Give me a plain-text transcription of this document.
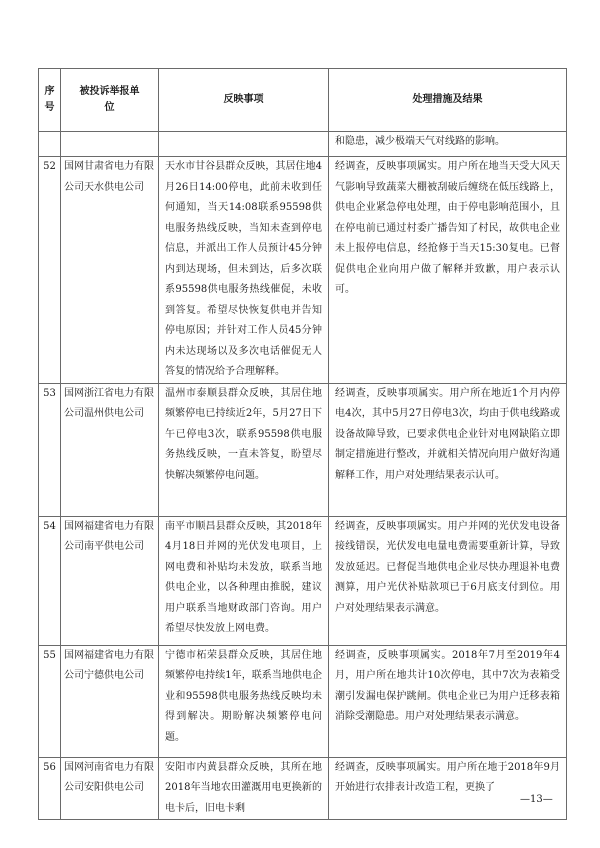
序号	被投诉举报单位	反映事项	处理措施及结果
			和隐患，减少极端天气对线路的影响。
52	国网甘肃省电力有限公司天水供电公司	天水市甘谷县群众反映，其居住地4月26日14:00停电，此前未收到任何通知，当天14:08联系95598供电服务热线反映，当知未查到停电信息，并派出工作人员预计45分钟内到达现场，但未到达，后多次联系95598供电服务热线催促，未收到答复。希望尽快恢复供电并告知停电原因；并针对工作人员45分钟内未达现场以及多次电话催促无人答复的情况给予合理解释。	经调查，反映事项属实。用户所在地当天受大风天气影响导致蔬菜大棚被刮破后缠绕在低压线路上，供电企业紧急停电处理，由于停电影响范围小，且在停电前已通过村委广播告知了村民，故供电企业未上报停电信息，经抢修于当天15:30复电。已督促供电企业向用户做了解释并致歉，用户表示认可。
53	国网浙江省电力有限公司温州供电公司	温州市泰顺县群众反映，其居住地频繁停电已持续近2年，5月27日下午已停电3次，联系95598供电服务热线反映，一直未答复，盼望尽快解决频繁停电问题。	经调查，反映事项属实。用户所在地近1个月内停电4次，其中5月27日停电3次，均由于供电线路或设备故障导致，已要求供电企业针对电网缺陷立即制定措施进行整改，并就相关情况向用户做好沟通解释工作，用户对处理结果表示认可。
54	国网福建省电力有限公司南平供电公司	南平市顺昌县群众反映，其2018年4月18日并网的光伏发电项目，上网电费和补贴均未发放，联系当地供电企业，以各种理由推脱，建议用户联系当地财政部门咨询。用户希望尽快发放上网电费。	经调查，反映事项属实。用户并网的光伏发电设备接线错误，光伏发电电量电费需要重新计算，导致发放延迟。已督促当地供电企业尽快办理退补电费测算，用户光伏补贴款项已于6月底支付到位。用户对处理结果表示满意。
55	国网福建省电力有限公司宁德供电公司	宁德市柘荣县群众反映，其居住地频繁停电持续1年，联系当地供电企业和95598供电服务热线反映均未得到解决。期盼解决频繁停电问题。	经调查，反映事项属实。2018年7月至2019年4月，用户所在地共计10次停电，其中7次为表箱受潮引发漏电保护跳闸。供电企业已为用户迁移表箱消除受潮隐患。用户对处理结果表示满意。
56	国网河南省电力有限公司安阳供电公司	安阳市内黄县群众反映，其所在地2018年当地农田灌溉用电更换新的电卡后，旧电卡剩	经调查，反映事项属实。用户所在地于2018年9月开始进行农排表计改造工程，更换了
—13—
